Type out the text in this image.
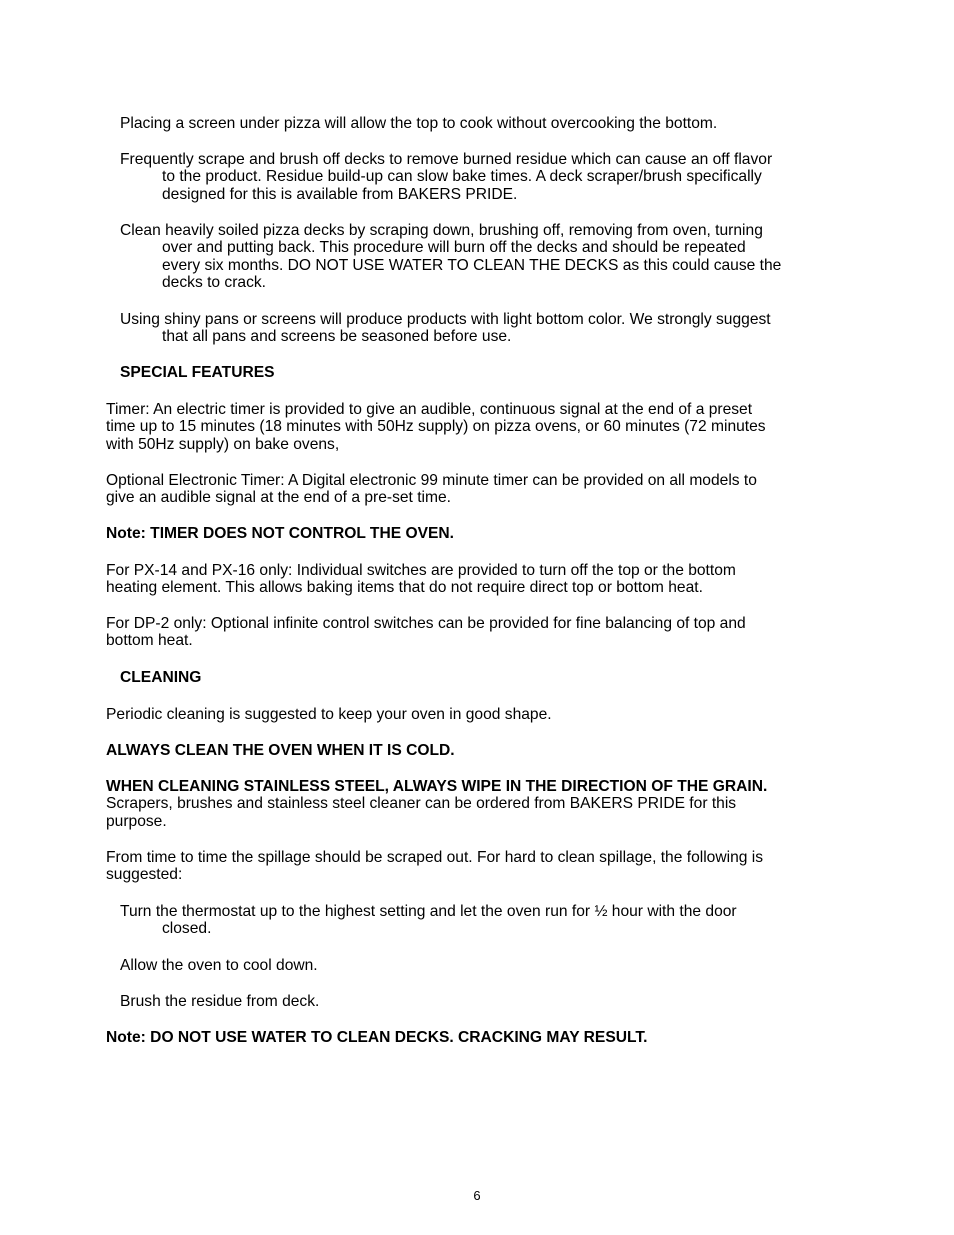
Placing a screen under pizza will allow the top to cook without overcooking the bottom.

Frequently scrape and brush off decks to remove burned residue which can cause an off flavor
to the product. Residue build-up can slow bake times. A deck scraper/brush specifically
designed for this is available from BAKERS PRIDE.

Clean heavily soiled pizza decks by scraping down, brushing off, removing from oven, turning
over and putting back. This procedure will burn off the decks and should be repeated
every six months. DO NOT USE WATER TO CLEAN THE DECKS as this could cause the
decks to crack.

Using shiny pans or screens will produce products with light bottom color. We strongly suggest
that all pans and screens be seasoned before use.

SPECIAL FEATURES

Timer: An electric timer is provided to give an audible, continuous signal at the end of a preset
time up to 15 minutes (18 minutes with 50Hz supply) on pizza ovens, or 60 minutes (72 minutes
with 50Hz supply) on bake ovens,

Optional Electronic Timer: A Digital electronic 99 minute timer can be provided on all models to
give an audible signal at the end of a pre-set time.

Note: TIMER DOES NOT CONTROL THE OVEN.

For PX-14 and PX-16 only: Individual switches are provided to turn off the top or the bottom
heating element. This allows baking items that do not require direct top or bottom heat.

For DP-2 only: Optional infinite control switches can be provided for fine balancing of top and
bottom heat.

CLEANING

Periodic cleaning is suggested to keep your oven in good shape.

ALWAYS CLEAN THE OVEN WHEN IT IS COLD.

WHEN CLEANING STAINLESS STEEL, ALWAYS WIPE IN THE DIRECTION OF THE GRAIN.
Scrapers, brushes and stainless steel cleaner can be ordered from BAKERS PRIDE for this
purpose.

From time to time the spillage should be scraped out. For hard to clean spillage, the following is
suggested:

Turn the thermostat up to the highest setting and let the oven run for ½ hour with the door
closed.

Allow the oven to cool down.

Brush the residue from deck.

Note: DO NOT USE WATER TO CLEAN DECKS. CRACKING MAY RESULT.

6
